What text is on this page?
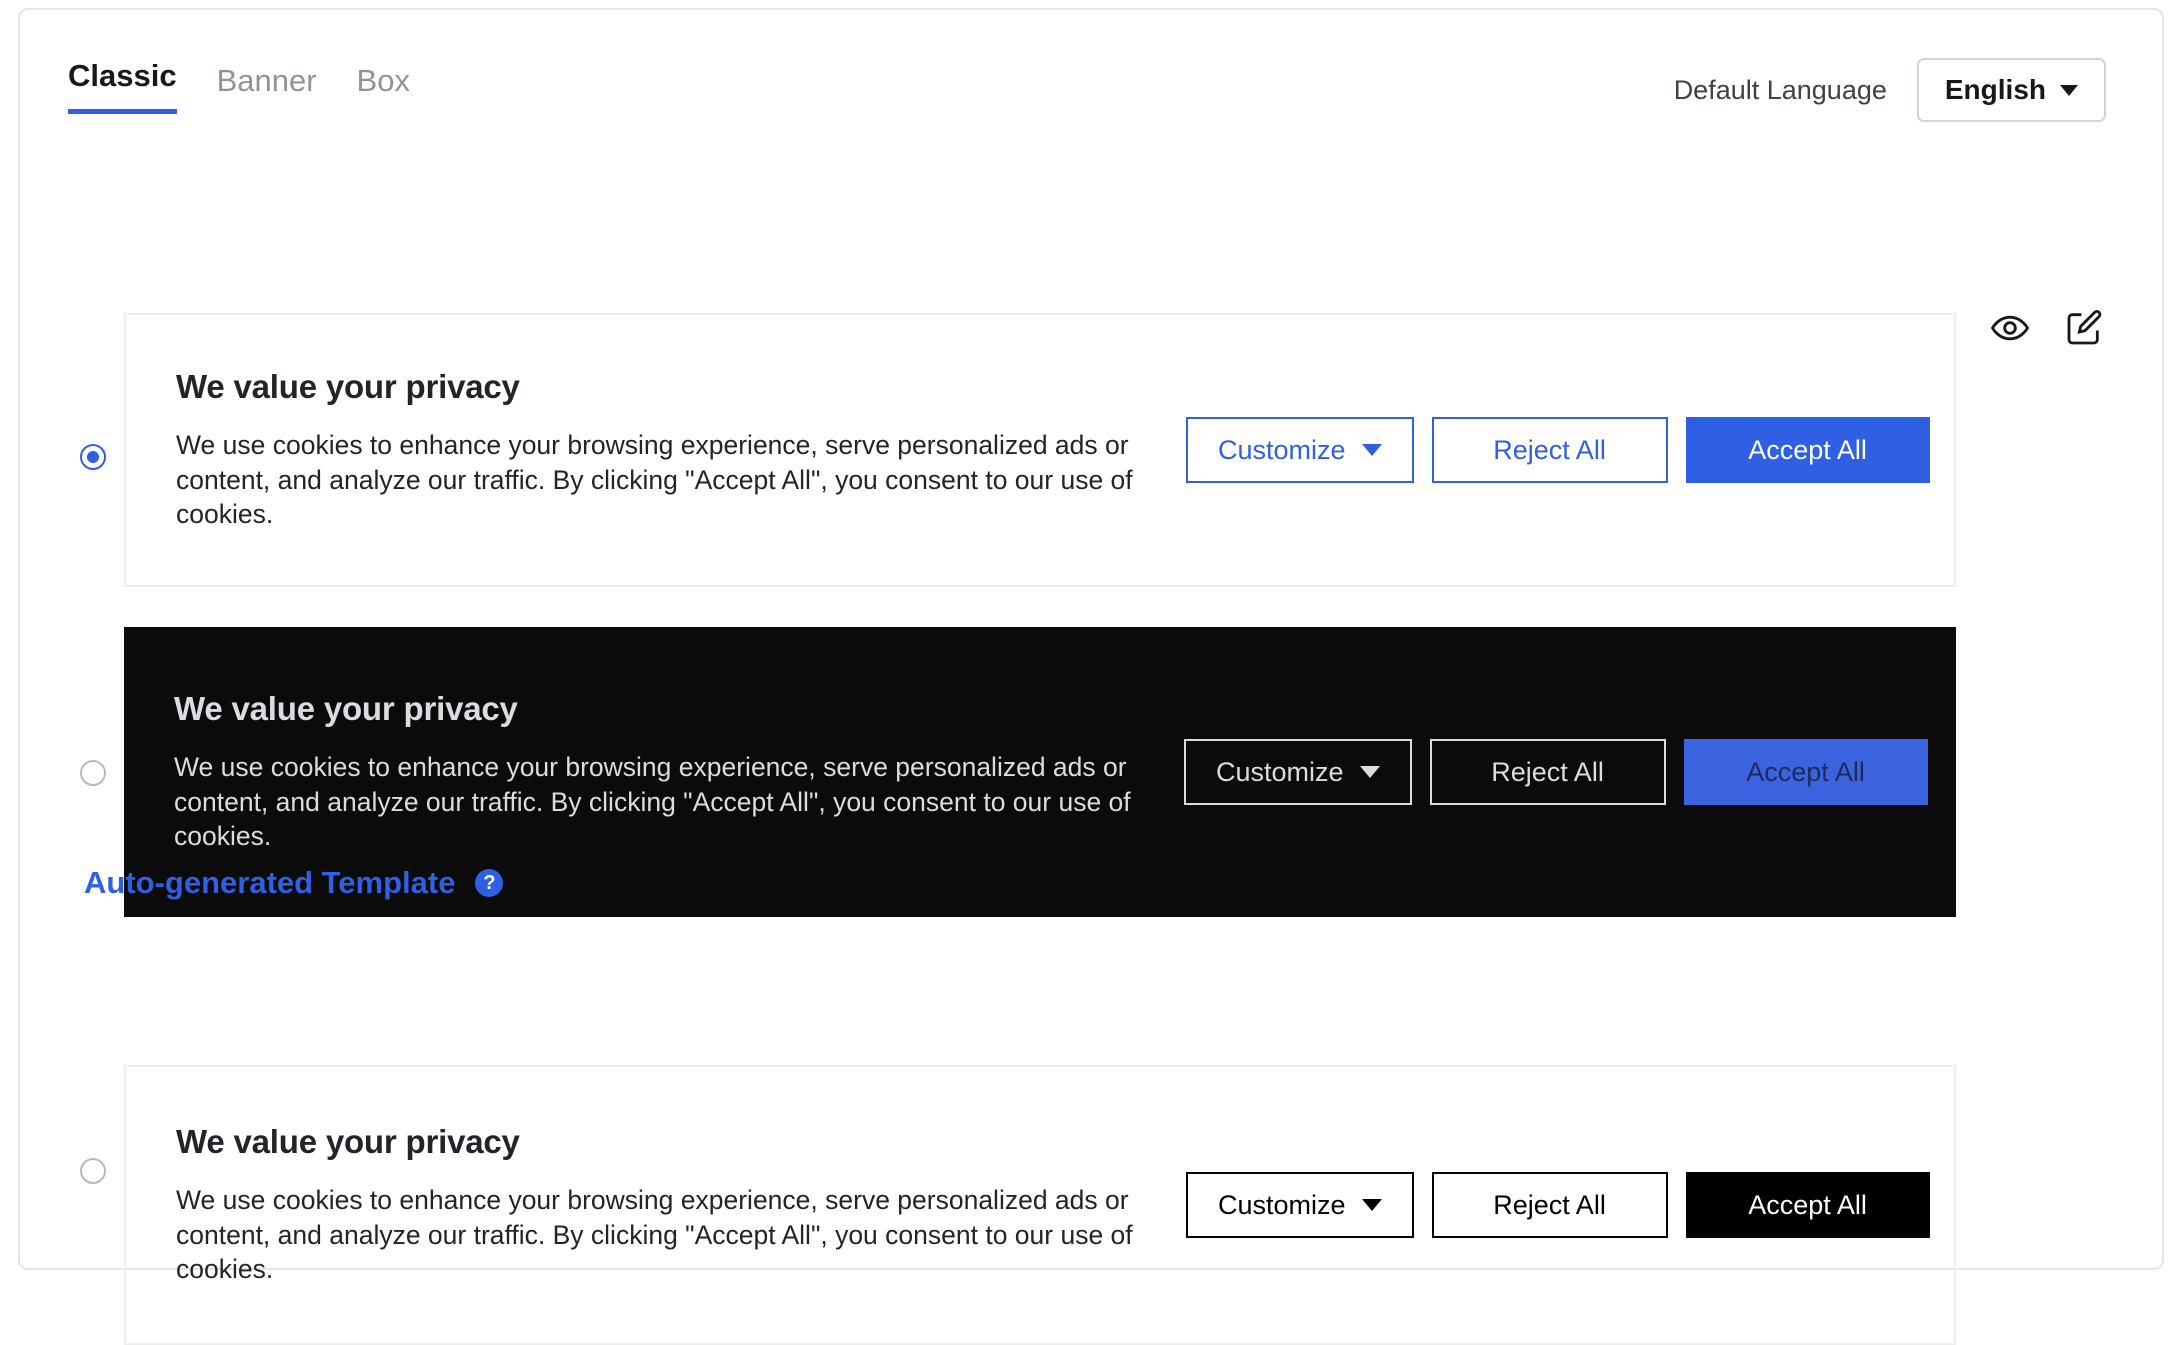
Classic Banner Box	Default Language English
We value your privacy

We use cookies to enhance your browsing experience, serve personalized ads or content, and analyze our traffic. By clicking "Accept All", you consent to our use of cookies.

Customize	Reject All	Accept All
We value your privacy

We use cookies to enhance your browsing experience, serve personalized ads or content, and analyze our traffic. By clicking "Accept All", you consent to our use of cookies.

Customize	Reject All	Accept All
Auto-generated Template	?
We value your privacy

We use cookies to enhance your browsing experience, serve personalized ads or content, and analyze our traffic. By clicking "Accept All", you consent to our use of cookies.

Customize	Reject All	Accept All
